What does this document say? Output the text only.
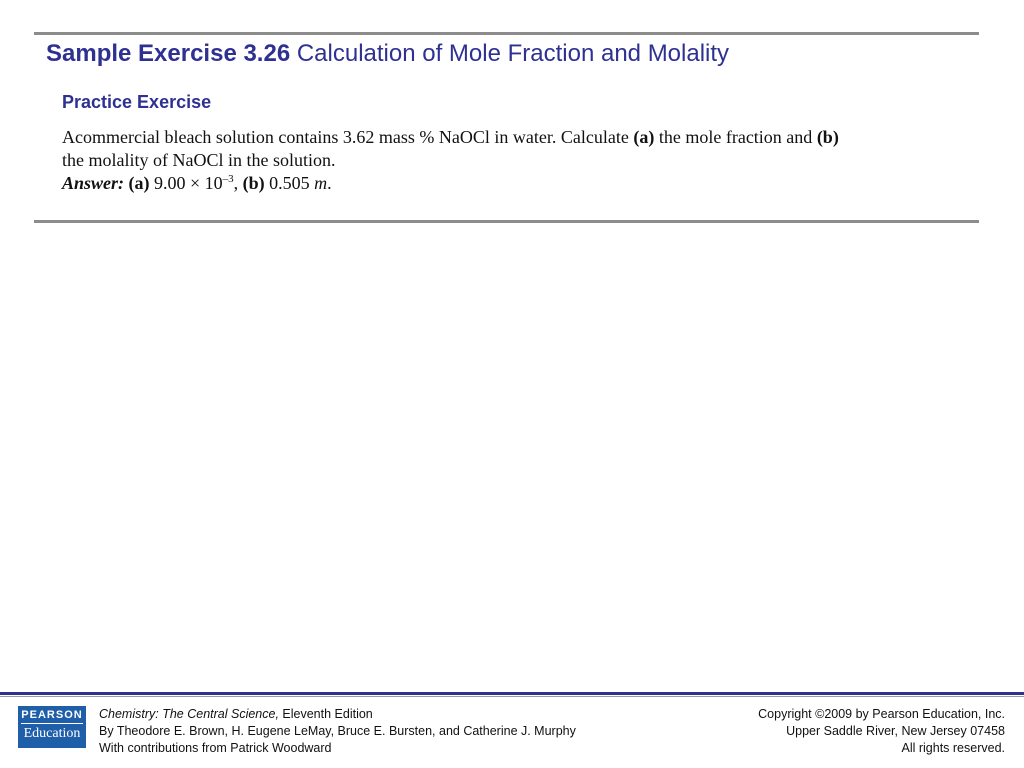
Sample Exercise 3.26 Calculation of Mole Fraction and Molality
Practice Exercise
Acommercial bleach solution contains 3.62 mass % NaOCl in water. Calculate (a) the mole fraction and (b)
the molality of NaOCl in the solution.
Answer: (a) $9.00 \times 10^{-3}$, (b) 0.505 m.
PEARSON
Education
Chemistry: The Central Science, Eleventh Edition
By Theodore E. Brown, H. Eugene LeMay, Bruce E. Bursten, and Catherine J. Murphy
With contributions from Patrick Woodward
Copyright ©2009 by Pearson Education, Inc.
Upper Saddle River, New Jersey 07458
All rights reserved.
